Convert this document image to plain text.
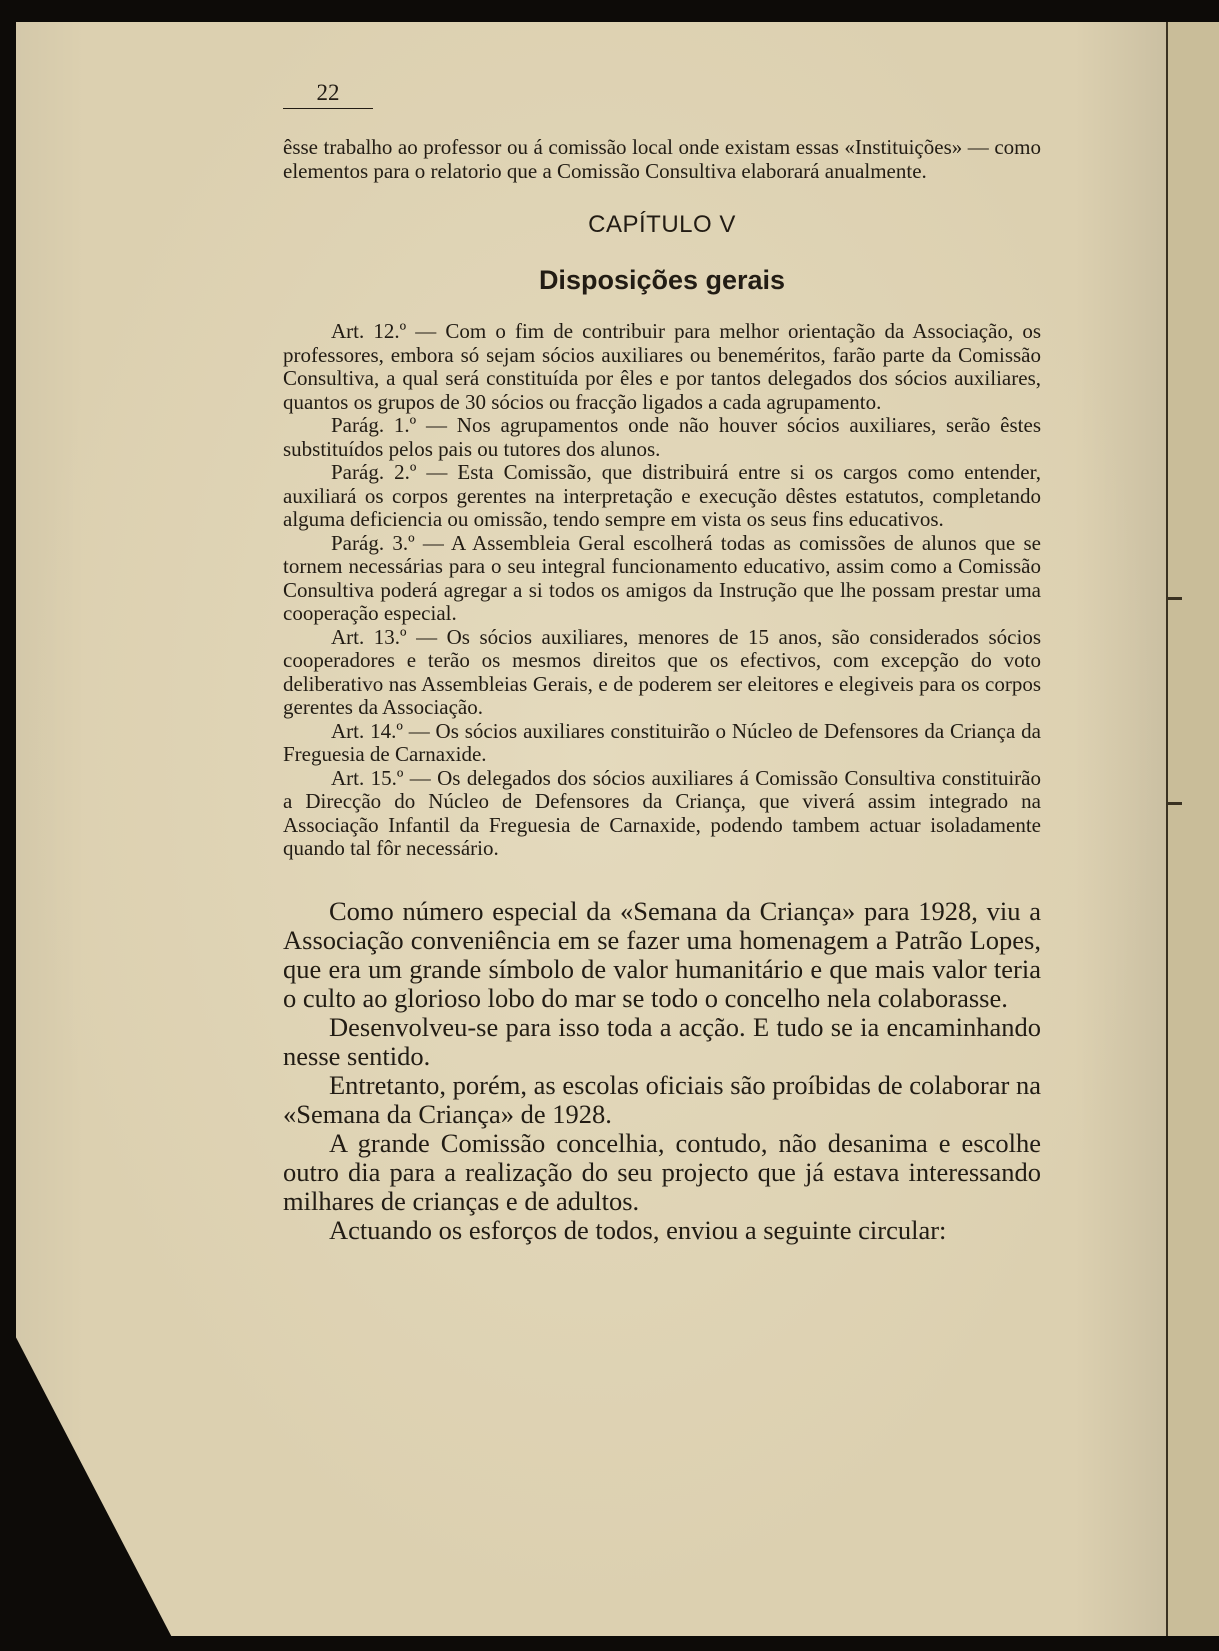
22

êsse trabalho ao professor ou á comissão local onde existam essas «Instituições» — como elementos para o relatorio que a Comissão Consultiva elaborará anualmente.

CAPÍTULO V
Disposições gerais

Art. 12.º — Com o fim de contribuir para melhor orientação da Associação, os professores, embora só sejam sócios auxiliares ou beneméritos, farão parte da Comissão Consultiva, a qual será constituída por êles e por tantos delegados dos sócios auxiliares, quantos os grupos de 30 sócios ou fracção ligados a cada agrupamento.

Parág. 1.º — Nos agrupamentos onde não houver sócios auxiliares, serão êstes substituídos pelos pais ou tutores dos alunos.

Parág. 2.º — Esta Comissão, que distribuirá entre si os cargos como entender, auxiliará os corpos gerentes na interpretação e execução dêstes estatutos, completando alguma deficiencia ou omissão, tendo sempre em vista os seus fins educativos.

Parág. 3.º — A Assembleia Geral escolherá todas as comissões de alunos que se tornem necessárias para o seu integral funcionamento educativo, assim como a Comissão Consultiva poderá agregar a si todos os amigos da Instrução que lhe possam prestar uma cooperação especial.

Art. 13.º — Os sócios auxiliares, menores de 15 anos, são considerados sócios cooperadores e terão os mesmos direitos que os efectivos, com excepção do voto deliberativo nas Assembleias Gerais, e de poderem ser eleitores e elegiveis para os corpos gerentes da Associação.

Art. 14.º — Os sócios auxiliares constituirão o Núcleo de Defensores da Criança da Freguesia de Carnaxide.

Art. 15.º — Os delegados dos sócios auxiliares á Comissão Consultiva constituirão a Direcção do Núcleo de Defensores da Criança, que viverá assim integrado na Associação Infantil da Freguesia de Carnaxide, podendo tambem actuar isoladamente quando tal fôr necessário.

Como número especial da «Semana da Criança» para 1928, viu a Associação conveniência em se fazer uma homenagem a Patrão Lopes, que era um grande símbolo de valor humanitário e que mais valor teria o culto ao glorioso lobo do mar se todo o concelho nela colaborasse.

Desenvolveu-se para isso toda a acção. E tudo se ia encaminhando nesse sentido.

Entretanto, porém, as escolas oficiais são proíbidas de colaborar na «Semana da Criança» de 1928.

A grande Comissão concelhia, contudo, não desanima e escolhe outro dia para a realização do seu projecto que já estava interessando milhares de crianças e de adultos.

Actuando os esforços de todos, enviou a seguinte circular:
